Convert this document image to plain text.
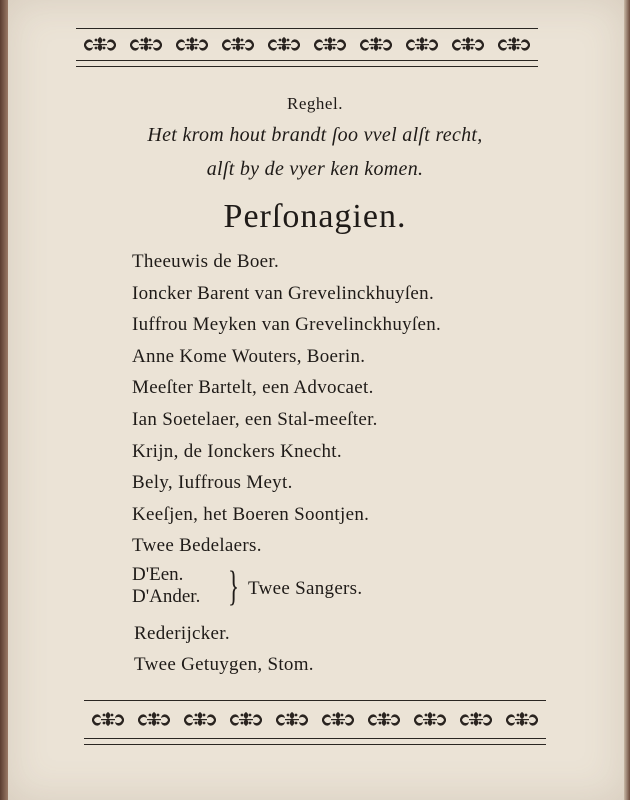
Reghel.
Het krom hout brandt ſoo vvel alſt recht,
alſt by de vyer ken komen.
Perſonagien.
Theeuwis de Boer.
Ioncker Barent van Grevelinckhuyſen.
Iuffrou Meyken van Grevelinckhuyſen.
Anne Kome Wouters, Boerin.
Meeſter Bartelt, een Advocaet.
Ian Soetelaer, een Stal-meeſter.
Krijn, de Ionckers Knecht.
Bely, Iuffrous Meyt.
Keeſjen, het Boeren Soontjen.
Twee Bedelaers.
D'Een.
D'Ander. } Twee Sangers.
Rederijcker.
Twee Getuygen, Stom.
